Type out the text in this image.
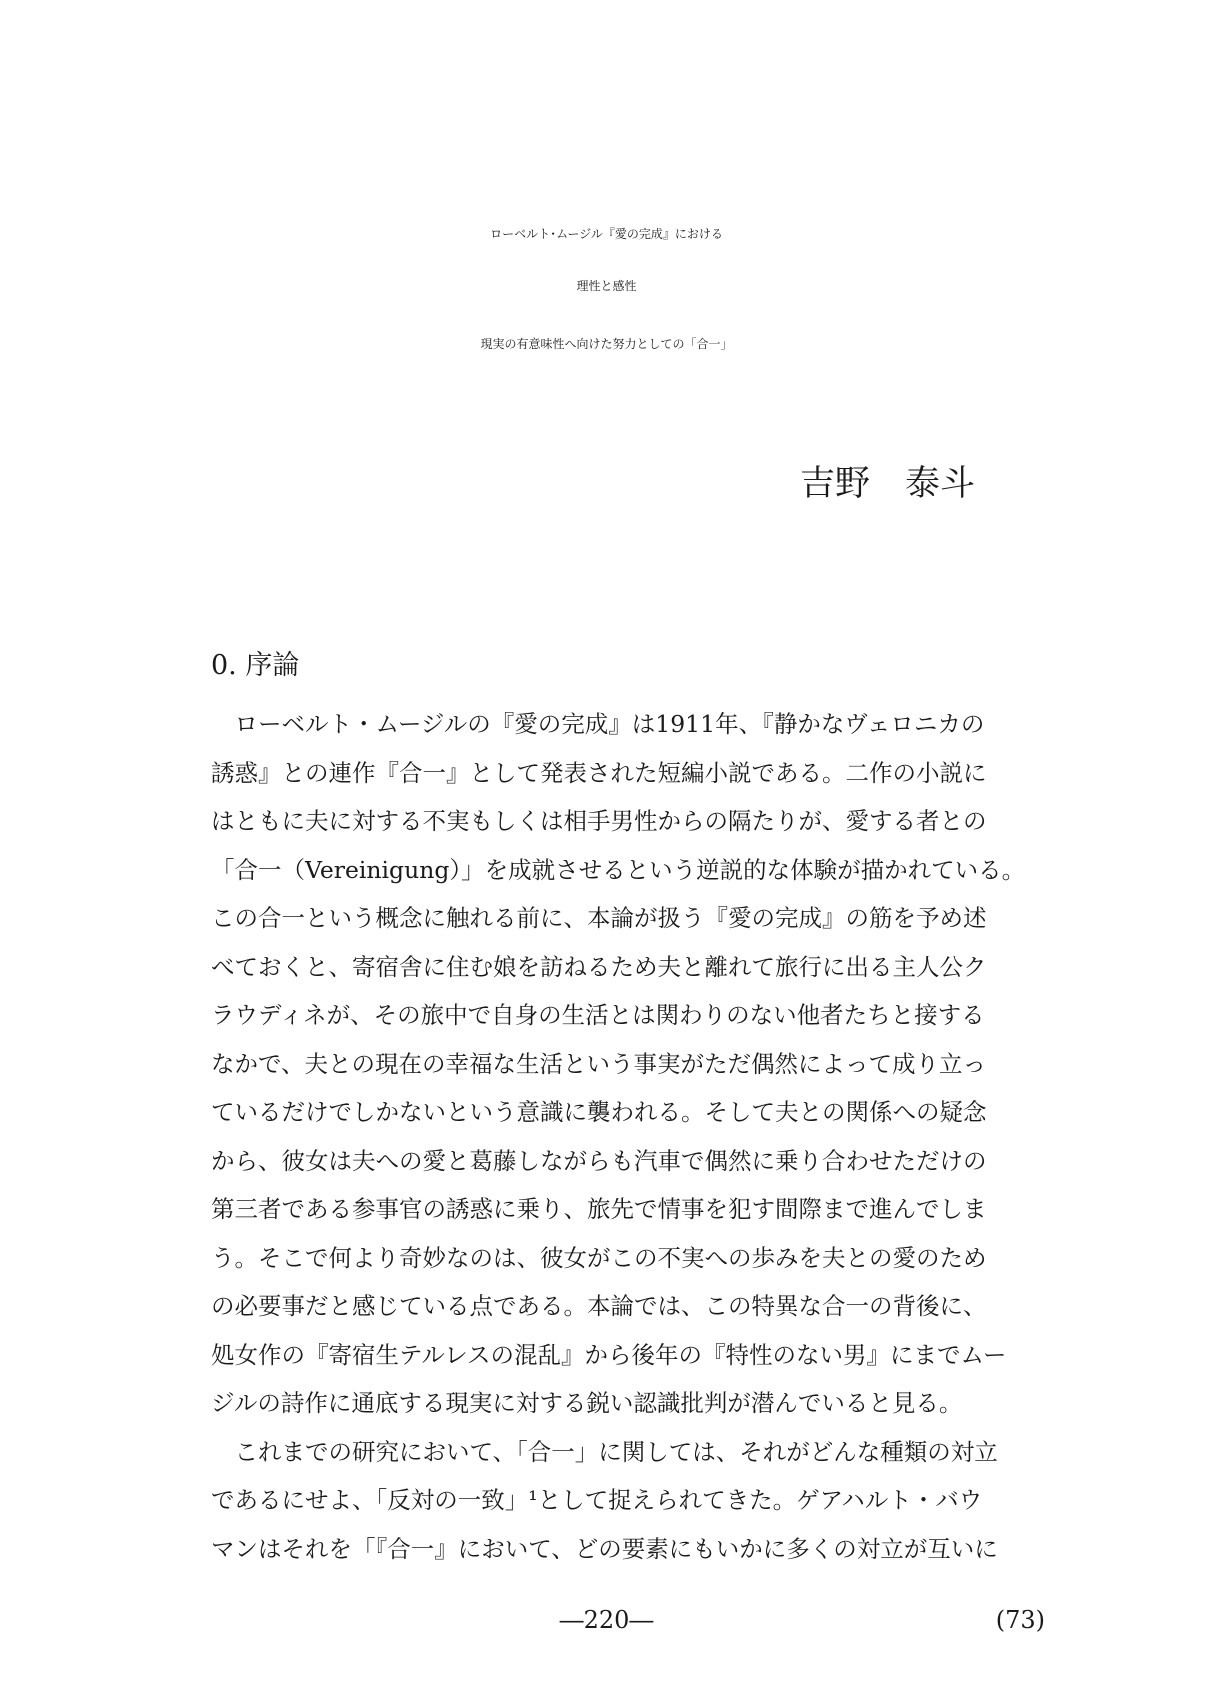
ローベルト･ムージル『愛の完成』における
理性と感性
現実の有意味性へ向けた努力としての「合一」
吉野　泰斗
0. 序論
　ローベルト・ムージルの『愛の完成』は1911年、『静かなヴェロニカの
誘惑』との連作『合一』として発表された短編小説である。二作の小説に
はともに夫に対する不実もしくは相手男性からの隔たりが、愛する者との
「合一（Vereinigung）」を成就させるという逆説的な体験が描かれている。
この合一という概念に触れる前に、本論が扱う『愛の完成』の筋を予め述
べておくと、寄宿舎に住む娘を訪ねるため夫と離れて旅行に出る主人公ク
ラウディネが、その旅中で自身の生活とは関わりのない他者たちと接する
なかで、夫との現在の幸福な生活という事実がただ偶然によって成り立っ
ているだけでしかないという意識に襲われる。そして夫との関係への疑念
から、彼女は夫への愛と葛藤しながらも汽車で偶然に乗り合わせただけの
第三者である参事官の誘惑に乗り、旅先で情事を犯す間際まで進んでしま
う。そこで何より奇妙なのは、彼女がこの不実への歩みを夫との愛のため
の必要事だと感じている点である。本論では、この特異な合一の背後に、
処女作の『寄宿生テルレスの混乱』から後年の『特性のない男』にまでムー
ジルの詩作に通底する現実に対する鋭い認識批判が潜んでいると見る。
　これまでの研究において、「合一」に関しては、それがどんな種類の対立
であるにせよ、「反対の一致」¹として捉えられてきた。ゲアハルト・バウ
マンはそれを「『合一』において、どの要素にもいかに多くの対立が互いに
―220―	(73)
